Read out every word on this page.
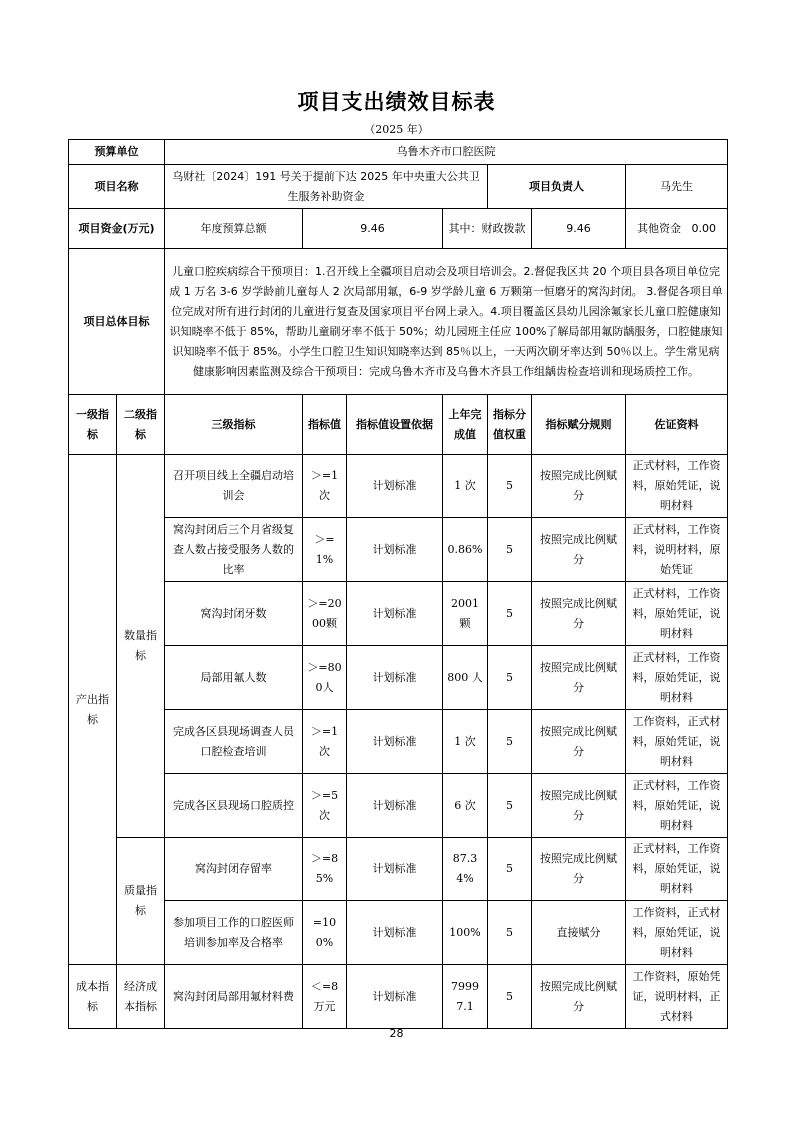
项目支出绩效目标表
（2025 年）
预算单位		乌鲁木齐市口腔医院						
项目名称		乌财社〔2024〕191 号关于提前下达 2025 年中央重大公共卫生服务补助资金				项目负责人		马先生
项目资金(万元)		年度预算总额	9.46		其中：财政拨款		9.46	其他资金 0.00
项目总体目标		儿童口腔疾病综合干预项目：1.召开线上全疆项目启动会及项目培训会。2.督促我区共 20 个项目县各项目单位完成 1 万名 3-6 岁学龄前儿童每人 2 次局部用氟，6-9 岁学龄儿童 6 万颗第一恒磨牙的窝沟封闭。 3.督促各项目单位完成对所有进行封闭的儿童进行复查及国家项目平台网上录入。4.项目覆盖区县幼儿园涂氟家长儿童口腔健康知识知晓率不低于 85%，帮助儿童刷牙率不低于 50%；幼儿园班主任应 100%了解局部用氟防龋服务，口腔健康知识知晓率不低于 85%。小学生口腔卫生知识知晓率达到 85％以上，一天两次刷牙率达到 50％以上。学生常见病健康影响因素监测及综合干预项目：完成乌鲁木齐市及乌鲁木齐县工作组龋齿检查培训和现场质控工作。						
一级指标	二级指标	三级指标	指标值	指标值设置依据	上年完成值	指标分值权重	指标赋分规则	佐证资料
产出指标	数量指标	召开项目线上全疆启动培训会	＞=1次	计划标准	1 次	5	按照完成比例赋分	正式材料，工作资料，原始凭证，说明材料
		窝沟封闭后三个月省级复查人数占接受服务人数的比率	＞=1%	计划标准	0.86%	5	按照完成比例赋分	正式材料，工作资料，说明材料，原始凭证
		窝沟封闭牙数	＞=2000颗	计划标准	2001颗	5	按照完成比例赋分	正式材料，工作资料，原始凭证，说明材料
		局部用氟人数	＞=800人	计划标准	800 人	5	按照完成比例赋分	正式材料，工作资料，原始凭证，说明材料
		完成各区县现场调查人员口腔检查培训	＞=1次	计划标准	1 次	5	按照完成比例赋分	工作资料，正式材料，原始凭证，说明材料
		完成各区县现场口腔质控	＞=5次	计划标准	6 次	5	按照完成比例赋分	正式材料，工作资料，原始凭证，说明材料
	质量指标	窝沟封闭存留率	＞=85%	计划标准	87.34%	5	按照完成比例赋分	正式材料，工作资料，原始凭证，说明材料
		参加项目工作的口腔医师培训参加率及合格率	=100%	计划标准	100%	5	直接赋分	工作资料，正式材料，原始凭证，说明材料
成本指标	经济成本指标	窝沟封闭局部用氟材料费	＜=8万元	计划标准	79997.1	5	按照完成比例赋分	工作资料，原始凭证，说明材料，正式材料
28
